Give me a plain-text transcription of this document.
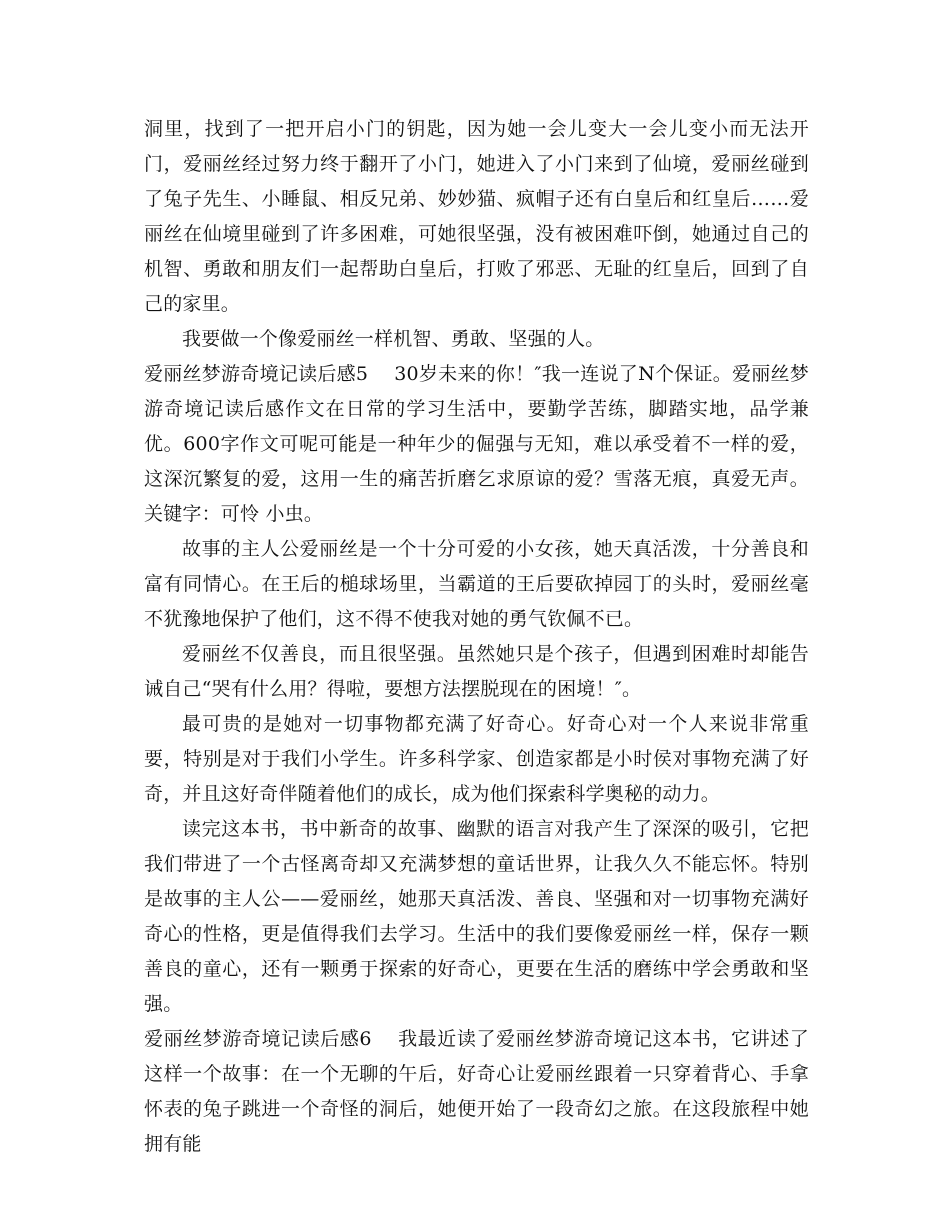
洞里，找到了一把开启小门的钥匙，因为她一会儿变大一会儿变小而无法开门，爱丽丝经过努力终于翻开了小门，她进入了小门来到了仙境，爱丽丝碰到了兔子先生、小睡鼠、相反兄弟、妙妙猫、疯帽子还有白皇后和红皇后……爱丽丝在仙境里碰到了许多困难，可她很坚强，没有被困难吓倒，她通过自己的机智、勇敢和朋友们一起帮助白皇后，打败了邪恶、无耻的红皇后，回到了自己的家里。

我要做一个像爱丽丝一样机智、勇敢、坚强的人。

爱丽丝梦游奇境记读后感5 30岁未来的你！″我一连说了N个保证。爱丽丝梦游奇境记读后感作文在日常的学习生活中，要勤学苦练，脚踏实地，品学兼优。600字作文可呢可能是一种年少的倔强与无知，难以承受着不一样的爱，这深沉繁复的爱，这用一生的痛苦折磨乞求原谅的爱？雪落无痕，真爱无声。关键字：可怜 小虫。

故事的主人公爱丽丝是一个十分可爱的小女孩，她天真活泼，十分善良和富有同情心。在王后的槌球场里，当霸道的王后要砍掉园丁的头时，爱丽丝毫不犹豫地保护了他们，这不得不使我对她的勇气钦佩不已。

爱丽丝不仅善良，而且很坚强。虽然她只是个孩子，但遇到困难时却能告诫自己“哭有什么用？得啦，要想方法摆脱现在的困境！″。

最可贵的是她对一切事物都充满了好奇心。好奇心对一个人来说非常重要，特别是对于我们小学生。许多科学家、创造家都是小时侯对事物充满了好奇，并且这好奇伴随着他们的成长，成为他们探索科学奥秘的动力。

读完这本书，书中新奇的故事、幽默的语言对我产生了深深的吸引，它把我们带进了一个古怪离奇却又充满梦想的童话世界，让我久久不能忘怀。特别是故事的主人公——爱丽丝，她那天真活泼、善良、坚强和对一切事物充满好奇心的性格，更是值得我们去学习。生活中的我们要像爱丽丝一样，保存一颗善良的童心，还有一颗勇于探索的好奇心，更要在生活的磨练中学会勇敢和坚强。

爱丽丝梦游奇境记读后感6 我最近读了爱丽丝梦游奇境记这本书，它讲述了这样一个故事：在一个无聊的午后，好奇心让爱丽丝跟着一只穿着背心、手拿怀表的兔子跳进一个奇怪的洞后，她便开始了一段奇幻之旅。在这段旅程中她拥有能
